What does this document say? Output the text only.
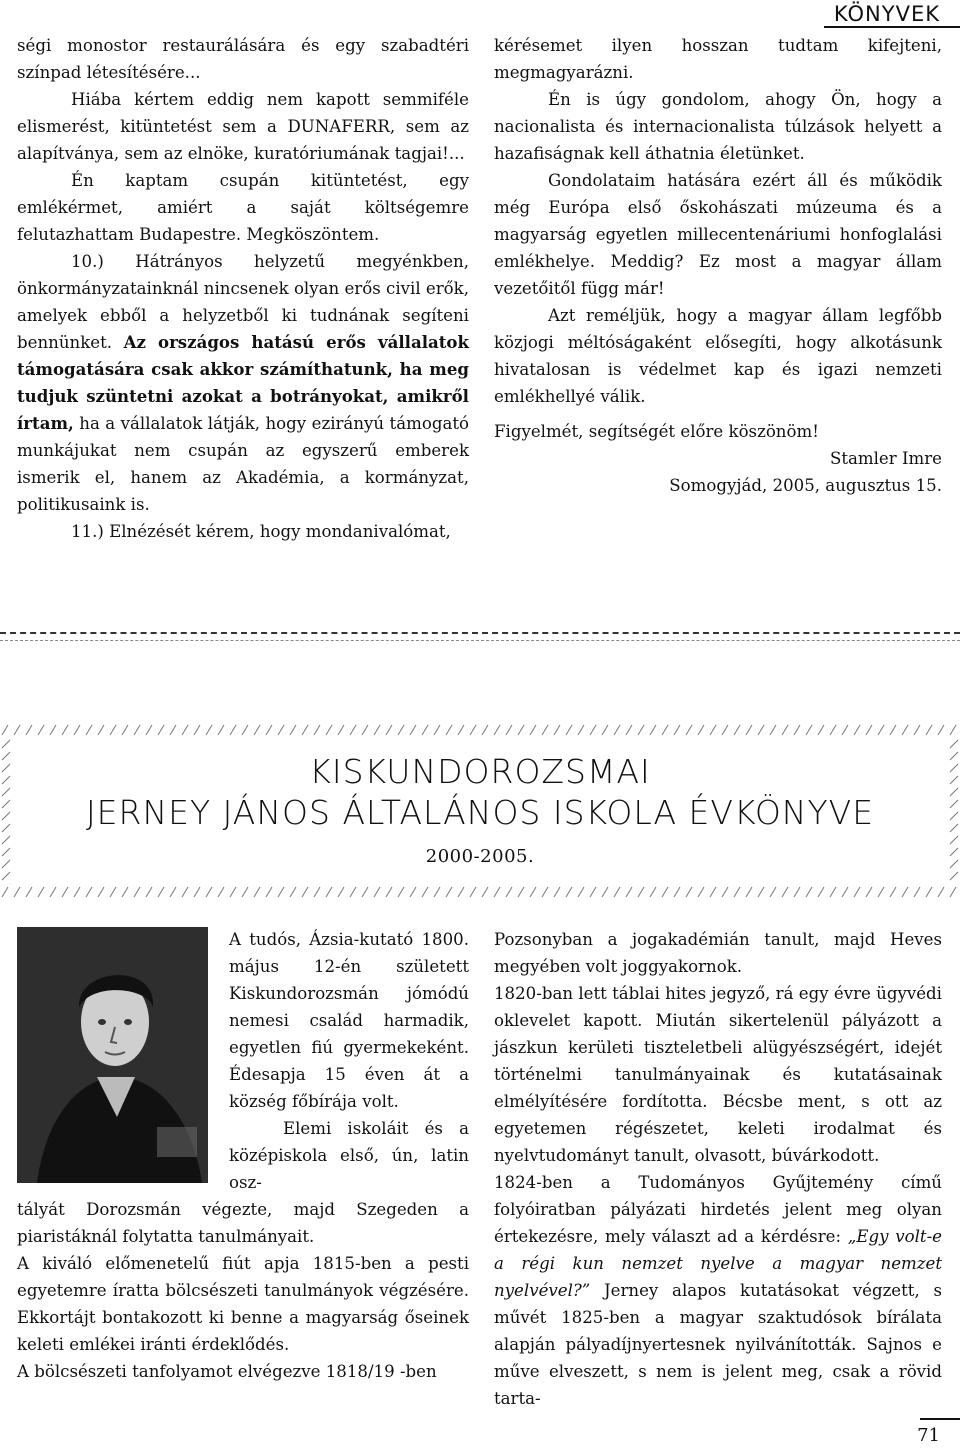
KÖNYVEK

ségi monostor restaurálására és egy szabadtéri színpad létesítésére...

Hiába kértem eddig nem kapott semmiféle elismerést, kitüntetést sem a DUNAFERR, sem az alapítványa, sem az elnöke, kuratóriumának tagjai!...

Én kaptam csupán kitüntetést, egy emlékérmet, amiért a saját költségemre felutazhattam Budapestre. Megköszöntem.

10.) Hátrányos helyzetű megyénkben, önkormányzatainknál nincsenek olyan erős civil erők, amelyek ebből a helyzetből ki tudnának segíteni bennünket. Az országos hatású erős vállalatok támogatására csak akkor számíthatunk, ha meg tudjuk szüntetni azokat a botrányokat, amikről írtam, ha a vállalatok látják, hogy ezirányú támogató munkájukat nem csupán az egyszerű emberek ismerik el, hanem az Akadémia, a kormányzat, politikusaink is.

11.) Elnézését kérem, hogy mondanivalómat,

kérésemet ilyen hosszan tudtam kifejteni, megmagyarázni.

Én is úgy gondolom, ahogy Ön, hogy a nacionalista és internacionalista túlzások helyett a hazafiságnak kell áthatnia életünket.

Gondolataim hatására ezért áll és működik még Európa első őskohászati múzeuma és a magyarság egyetlen millecentenáriumi honfoglalási emlékhelye. Meddig? Ez most a magyar állam vezetőitől függ már!

Azt reméljük, hogy a magyar állam legfőbb közjogi méltóságaként elősegíti, hogy alkotásunk hivatalosan is védelmet kap és igazi nemzeti emlékhellyé válik.

Figyelmét, segítségét előre köszönöm!

Stamler Imre

Somogyjád, 2005, augusztus 15.

KISKUNDOROZSMAI
JERNEY JÁNOS ÁLTALÁNOS ISKOLA ÉVKÖNYVE
2000-2005.

A tudós, Ázsia-kutató 1800. május 12-én született Kiskundorozsmán jómódú nemesi család harmadik, egyetlen fiú gyermekeként. Édesapja 15 éven át a község főbírája volt.

Elemi iskoláit és a középiskola első, ún, latin osz-

tályát Dorozsmán végezte, majd Szegeden a piaristáknál folytatta tanulmányait.

A kiváló előmenetelű fiút apja 1815-ben a pesti egyetemre íratta bölcsészeti tanulmányok végzésére. Ekkortájt bontakozott ki benne a magyarság őseinek keleti emlékei iránti érdeklődés.

A bölcsészeti tanfolyamot elvégezve 1818/19 -ben

Pozsonyban a jogakadémián tanult, majd Heves megyében volt joggyakornok.

1820-ban lett táblai hites jegyző, rá egy évre ügyvédi oklevelet kapott. Miután sikertelenül pályázott a jászkun kerületi tiszteletbeli alügyészségért, idejét történelmi tanulmányainak és kutatásainak elmélyítésére fordította. Bécsbe ment, s ott az egyetemen régészetet, keleti irodalmat és nyelvtudományt tanult, olvasott, búvárkodott.

1824-ben a Tudományos Gyűjtemény című folyóiratban pályázati hirdetés jelent meg olyan értekezésre, mely választ ad a kérdésre: „Egy volt-e a régi kun nemzet nyelve a magyar nemzet nyelvével?” Jerney alapos kutatásokat végzett, s művét 1825-ben a magyar szaktudósok bírálata alapján pályadíjnyertesnek nyilvánították. Sajnos e műve elveszett, s nem is jelent meg, csak a rövid tarta-

71
